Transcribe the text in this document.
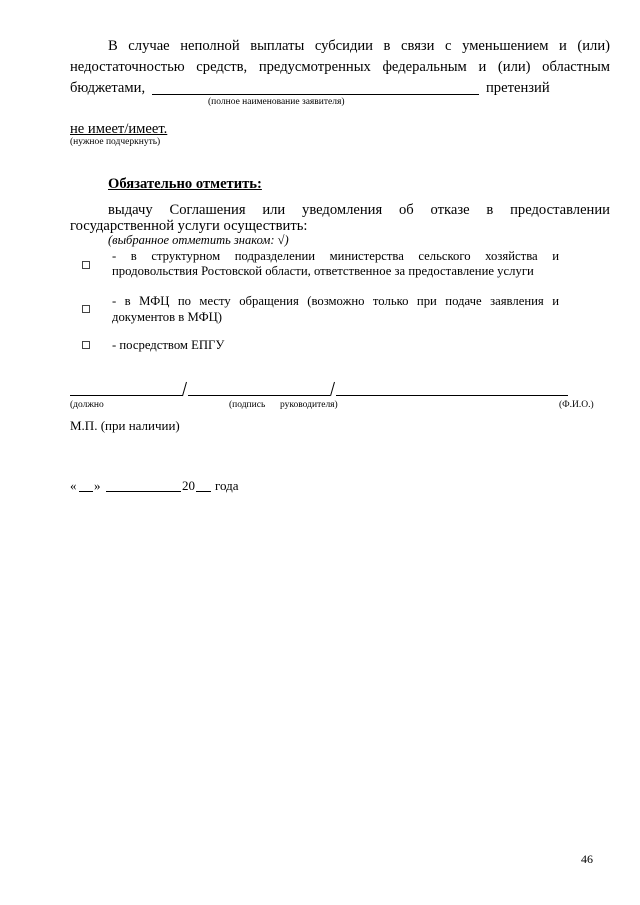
В случае неполной выплаты субсидии в связи с уменьшением и (или)
недостаточностью средств, предусмотренных федеральным и (или) областным
бюджетами,	претензий
(полное наименование заявителя)
не имеет/имеет.
(нужное подчеркнуть)
Обязательно отметить:
выдачу Соглашения или уведомления об отказе в предоставлении
государственной услуги осуществить:
(выбранное отметить знаком: √)
- в структурном подразделении министерства сельского хозяйства и
продовольствия Ростовской области, ответственное за предоставление услуги
- в МФЦ по месту обращения (возможно только при подаче заявления и
документов в МФЦ)
- посредством ЕПГУ
(должно	(подпись руководителя)	(Ф.И.О.)
М.П. (при наличии)
« »	20 года
46
